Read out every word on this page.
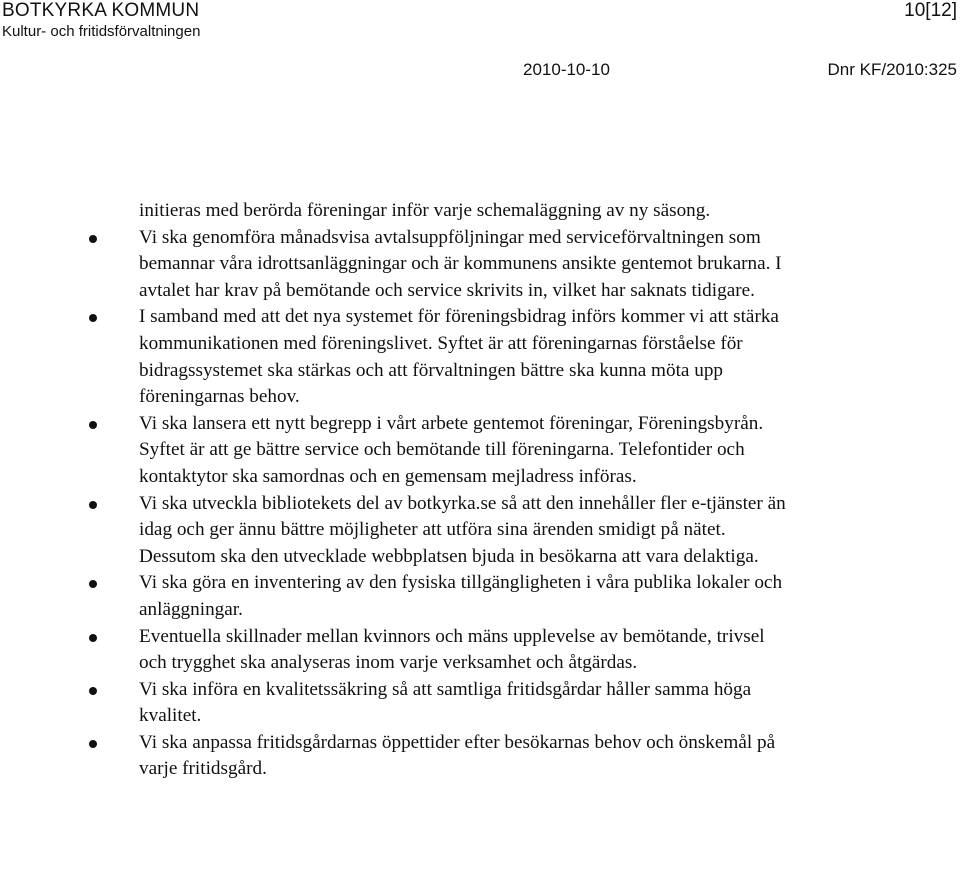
BOTKYRKA KOMMUN
Kultur- och fritidsförvaltningen
10[12]
2010-10-10	Dnr KF/2010:325

initieras med berörda föreningar inför varje schemaläggning av ny säsong.

Vi ska genomföra månadsvisa avtalsuppföljningar med serviceförvaltningen som bemannar våra idrottsanläggningar och är kommunens ansikte gentemot brukarna. I avtalet har krav på bemötande och service skrivits in, vilket har saknats tidigare.
I samband med att det nya systemet för föreningsbidrag införs kommer vi att stärka kommunikationen med föreningslivet. Syftet är att föreningarnas förståelse för bidragssystemet ska stärkas och att förvaltningen bättre ska kunna möta upp föreningarnas behov.
Vi ska lansera ett nytt begrepp i vårt arbete gentemot föreningar, Föreningsbyrån. Syftet är att ge bättre service och bemötande till föreningarna. Telefontider och kontaktytor ska samordnas och en gemensam mejladress införas.
Vi ska utveckla bibliotekets del av botkyrka.se så att den innehåller fler e-tjänster än idag och ger ännu bättre möjligheter att utföra sina ärenden smidigt på nätet. Dessutom ska den utvecklade webbplatsen bjuda in besökarna att vara delaktiga.
Vi ska göra en inventering av den fysiska tillgängligheten i våra publika lokaler och anläggningar.
Eventuella skillnader mellan kvinnors och mäns upplevelse av bemötande, trivsel och trygghet ska analyseras inom varje verksamhet och åtgärdas.
Vi ska införa en kvalitetssäkring så att samtliga fritidsgårdar håller samma höga kvalitet.
Vi ska anpassa fritidsgårdarnas öppettider efter besökarnas behov och önskemål på varje fritidsgård.
